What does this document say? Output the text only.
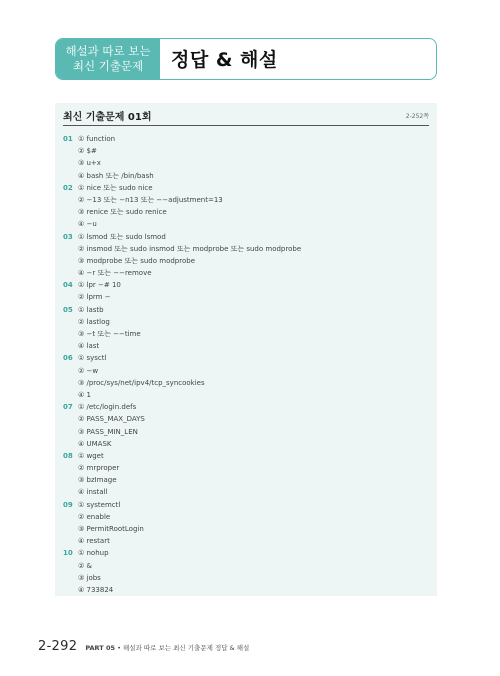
해설과 따로 보는
최신 기출문제	정답 & 해설
최신 기출문제 01회	2-252쪽
01 ① function
② $#
③ u+x
④ bash 또는 /bin/bash
02 ① nice 또는 sudo nice
② −13 또는 −n13 또는 −−adjustment=13
③ renice 또는 sudo renice
④ −u
03 ① lsmod 또는 sudo lsmod
② insmod 또는 sudo insmod 또는 modprobe 또는 sudo modprobe
③ modprobe 또는 sudo modprobe
④ −r 또는 −−remove
04 ① lpr −# 10
② lprm −
05 ① lastb
② lastlog
③ −t 또는 −−time
④ last
06 ① sysctl
② −w
③ /proc/sys/net/ipv4/tcp_syncookies
④ 1
07 ① /etc/login.defs
② PASS_MAX_DAYS
③ PASS_MIN_LEN
④ UMASK
08 ① wget
② mrproper
③ bzImage
④ install
09 ① systemctl
② enable
③ PermitRootLogin
④ restart
10 ① nohup
② &
③ jobs
④ 733824
2-292 PART 05 • 해설과 따로 보는 최신 기출문제 정답 & 해설
